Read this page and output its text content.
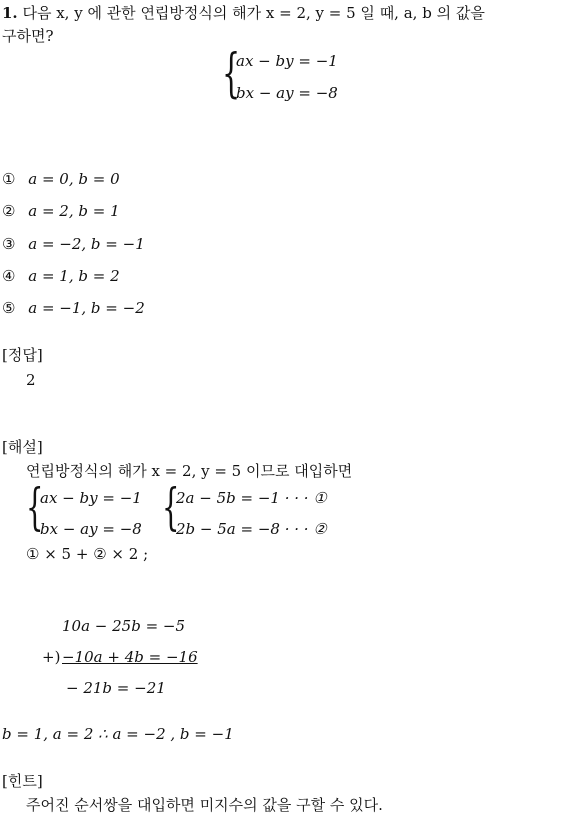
1. 다음 x, y 에 관한 연립방정식의 해가 x = 2, y = 5 일 때, a, b 의 값을
구하면?
{
ax − by = −1
bx − ay = −8
① a = 0, b = 0
② a = 2, b = 1
③ a = −2, b = −1
④ a = 1, b = 2
⑤ a = −1, b = −2
[정답]
2
[해설]
연립방정식의 해가 x = 2, y = 5 이므로 대입하면
{
ax − by = −1
bx − ay = −8 {
2a − 5b = −1 · · · ①
2b − 5a = −8 · · · ②
① × 5 + ② × 2 ;
10a − 25b = −5
+) −10a + 4b = −16
− 21b = −21
b = 1, a = 2 ∴ a = −2 , b = −1
[힌트]
주어진 순서쌍을 대입하면 미지수의 값을 구할 수 있다.
